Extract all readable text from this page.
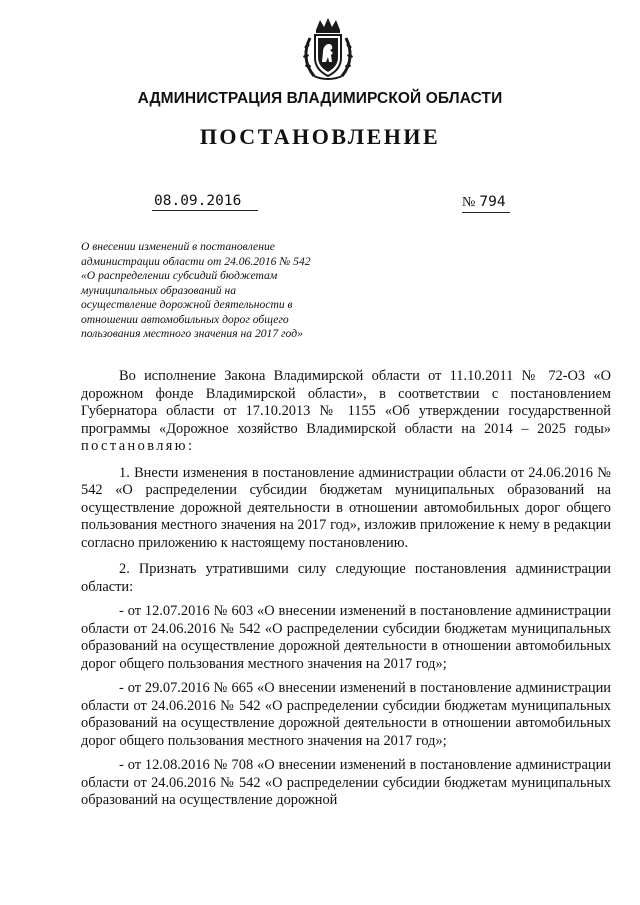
АДМИНИСТРАЦИЯ ВЛАДИМИРСКОЙ ОБЛАСТИ
ПОСТАНОВЛЕНИЕ
08.09.2016	№ 794
О внесении изменений в постановление
администрации области от 24.06.2016 № 542
«О распределении субсидий бюджетам
муниципальных образований на
осуществление дорожной деятельности в
отношении автомобильных дорог общего
пользования местного значения на 2017 год»
Во исполнение Закона Владимирской области от 11.10.2011 № 72-ОЗ «О дорожном фонде Владимирской области», в соответствии с постановлением Губернатора области от 17.10.2013 № 1155 «Об утверждении государственной программы «Дорожное хозяйство Владимирской области на 2014 – 2025 годы» постановляю:
1. Внести изменения в постановление администрации области от 24.06.2016 № 542 «О распределении субсидии бюджетам муниципальных образований на осуществление дорожной деятельности в отношении автомобильных дорог общего пользования местного значения на 2017 год», изложив приложение к нему в редакции согласно приложению к настоящему постановлению.
2. Признать утратившими силу следующие постановления администрации области:
- от 12.07.2016 № 603 «О внесении изменений в постановление администрации области от 24.06.2016 № 542 «О распределении субсидии бюджетам муниципальных образований на осуществление дорожной деятельности в отношении автомобильных дорог общего пользования местного значения на 2017 год»;
- от 29.07.2016 № 665 «О внесении изменений в постановление администрации области от 24.06.2016 № 542 «О распределении субсидии бюджетам муниципальных образований на осуществление дорожной деятельности в отношении автомобильных дорог общего пользования местного значения на 2017 год»;
- от 12.08.2016 № 708 «О внесении изменений в постановление администрации области от 24.06.2016 № 542 «О распределении субсидии бюджетам муниципальных образований на осуществление дорожной
